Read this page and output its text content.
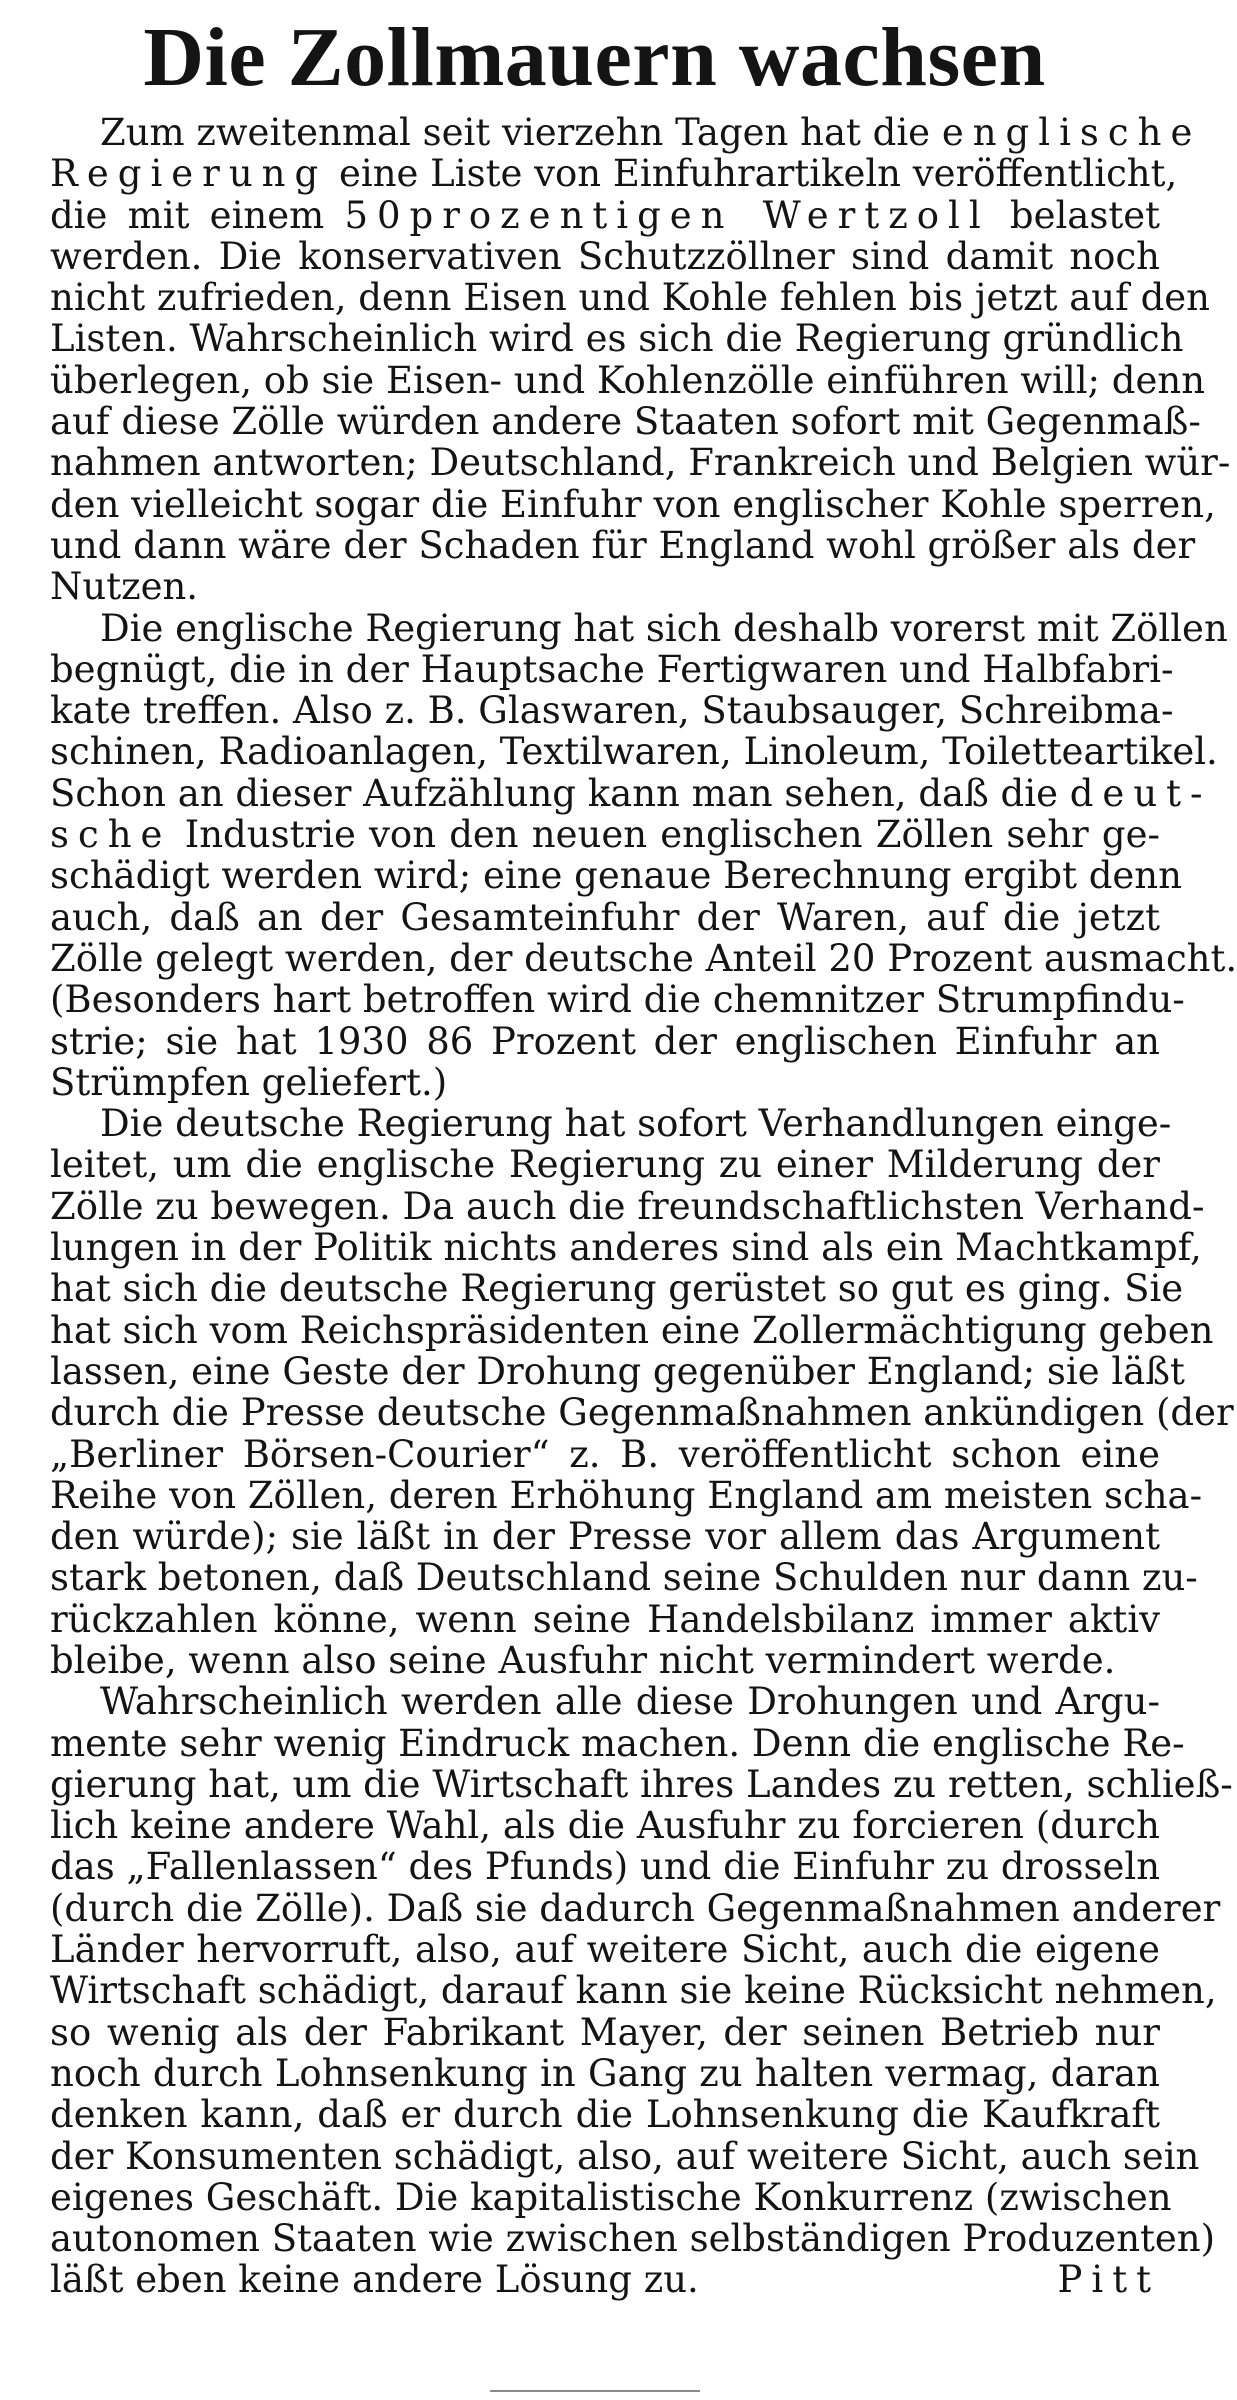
Die Zollmauern wachsen
Zum zweitenmal seit vierzehn Tagen hat die englische
Regierung eine Liste von Einfuhrartikeln veröffentlicht,
die mit einem 50prozentigen Wertzoll belastet
werden. Die konservativen Schutzzöllner sind damit noch
nicht zufrieden, denn Eisen und Kohle fehlen bis jetzt auf den
Listen. Wahrscheinlich wird es sich die Regierung gründlich
überlegen, ob sie Eisen- und Kohlenzölle einführen will; denn
auf diese Zölle würden andere Staaten sofort mit Gegenmaß-
nahmen antworten; Deutschland, Frankreich und Belgien wür-
den vielleicht sogar die Einfuhr von englischer Kohle sperren,
und dann wäre der Schaden für England wohl größer als der
Nutzen.
Die englische Regierung hat sich deshalb vorerst mit Zöllen
begnügt, die in der Hauptsache Fertigwaren und Halbfabri-
kate treffen. Also z. B. Glaswaren, Staubsauger, Schreibma-
schinen, Radioanlagen, Textilwaren, Linoleum, Toiletteartikel.
Schon an dieser Aufzählung kann man sehen, daß die deut-
sche Industrie von den neuen englischen Zöllen sehr ge-
schädigt werden wird; eine genaue Berechnung ergibt denn
auch, daß an der Gesamteinfuhr der Waren, auf die jetzt
Zölle gelegt werden, der deutsche Anteil 20 Prozent ausmacht.
(Besonders hart betroffen wird die chemnitzer Strumpfindu-
strie; sie hat 1930 86 Prozent der englischen Einfuhr an
Strümpfen geliefert.)
Die deutsche Regierung hat sofort Verhandlungen einge-
leitet, um die englische Regierung zu einer Milderung der
Zölle zu bewegen. Da auch die freundschaftlichsten Verhand-
lungen in der Politik nichts anderes sind als ein Machtkampf,
hat sich die deutsche Regierung gerüstet so gut es ging. Sie
hat sich vom Reichspräsidenten eine Zollermächtigung geben
lassen, eine Geste der Drohung gegenüber England; sie läßt
durch die Presse deutsche Gegenmaßnahmen ankündigen (der
„Berliner Börsen-Courier“ z. B. veröffentlicht schon eine
Reihe von Zöllen, deren Erhöhung England am meisten scha-
den würde); sie läßt in der Presse vor allem das Argument
stark betonen, daß Deutschland seine Schulden nur dann zu-
rückzahlen könne, wenn seine Handelsbilanz immer aktiv
bleibe, wenn also seine Ausfuhr nicht vermindert werde.
Wahrscheinlich werden alle diese Drohungen und Argu-
mente sehr wenig Eindruck machen. Denn die englische Re-
gierung hat, um die Wirtschaft ihres Landes zu retten, schließ-
lich keine andere Wahl, als die Ausfuhr zu forcieren (durch
das „Fallenlassen“ des Pfunds) und die Einfuhr zu drosseln
(durch die Zölle). Daß sie dadurch Gegenmaßnahmen anderer
Länder hervorruft, also, auf weitere Sicht, auch die eigene
Wirtschaft schädigt, darauf kann sie keine Rücksicht nehmen,
so wenig als der Fabrikant Mayer, der seinen Betrieb nur
noch durch Lohnsenkung in Gang zu halten vermag, daran
denken kann, daß er durch die Lohnsenkung die Kaufkraft
der Konsumenten schädigt, also, auf weitere Sicht, auch sein
eigenes Geschäft. Die kapitalistische Konkurrenz (zwischen
autonomen Staaten wie zwischen selbständigen Produzenten)
läßt eben keine andere Lösung zu.	Pitt
